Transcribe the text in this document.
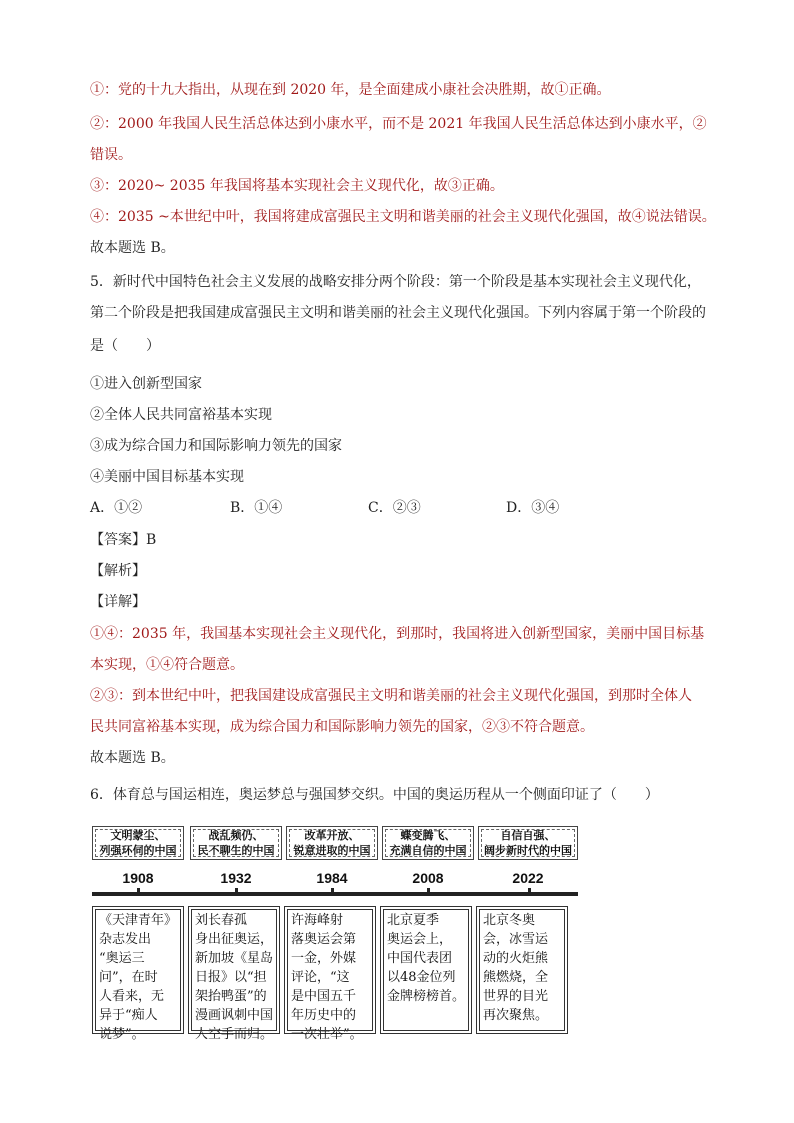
①：党的十九大指出，从现在到 2020 年，是全面建成小康社会决胜期，故①正确。
②：2000 年我国人民生活总体达到小康水平，而不是 2021 年我国人民生活总体达到小康水平，②
错误。
③：2020~ 2035 年我国将基本实现社会主义现代化，故③正确。
④：2035 ~本世纪中叶，我国将建成富强民主文明和谐美丽的社会主义现代化强国，故④说法错误。
故本题选 B。
5．新时代中国特色社会主义发展的战略安排分两个阶段：第一个阶段是基本实现社会主义现代化，
第二个阶段是把我国建成富强民主文明和谐美丽的社会主义现代化强国。下列内容属于第一个阶段的
是（　　）
①进入创新型国家
②全体人民共同富裕基本实现
③成为综合国力和国际影响力领先的国家
④美丽中国目标基本实现
A．①②	B．①④	C．②③	D．③④
【答案】B
【解析】
【详解】
①④：2035 年，我国基本实现社会主义现代化，到那时，我国将进入创新型国家，美丽中国目标基
本实现，①④符合题意。
②③：到本世纪中叶，把我国建设成富强民主文明和谐美丽的社会主义现代化强国，到那时全体人
民共同富裕基本实现，成为综合国力和国际影响力领先的国家，②③不符合题意。
故本题选 B。
6．体育总与国运相连，奥运梦总与强国梦交织。中国的奥运历程从一个侧面印证了（　　）
文明蒙尘、
列强环伺的中国
战乱频仍、
民不聊生的中国
改革开放、
锐意进取的中国
蝶变腾飞、
充满自信的中国
自信自强、
阔步新时代的中国
1908	1932	1984	2008	2022
《天津青年》
杂志发出
“奥运三
问”，在时
人看来，无
异于“痴人
说梦”。
刘长春孤
身出征奥运，
新加坡《星岛
日报》以“担
架抬鸭蛋”的
漫画讽刺中国
人空手而归。
许海峰射
落奥运会第
一金，外媒
评论，“这
是中国五千
年历史中的
一次壮举”。
北京夏季
奥运会上，
中国代表团
以48金位列
金牌榜榜首。
北京冬奥
会，冰雪运
动的火炬熊
熊燃烧，全
世界的目光
再次聚焦。
